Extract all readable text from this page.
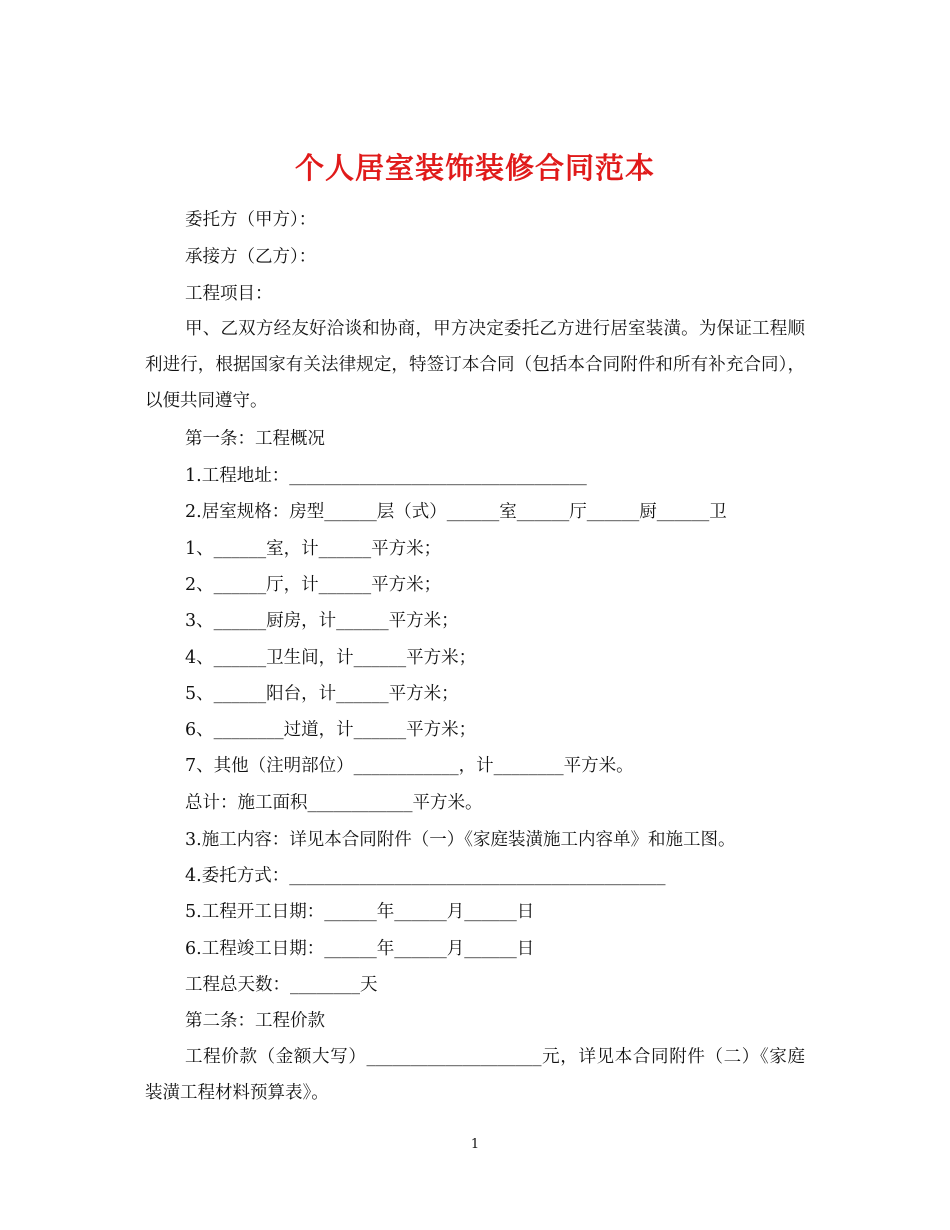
个人居室装饰装修合同范本

委托方（甲方）：

承接方（乙方）：

工程项目：

甲、乙双方经友好洽谈和协商，甲方决定委托乙方进行居室装潢。为保证工程顺利进行，根据国家有关法律规定，特签订本合同（包括本合同附件和所有补充合同），以便共同遵守。

第一条：工程概况

1.工程地址：__________________________________

2.居室规格：房型______层（式）______室______厅______厨______卫

1、______室，计______平方米；

2、______厅，计______平方米；

3、______厨房，计______平方米；

4、______卫生间，计______平方米；

5、______阳台，计______平方米；

6、________过道，计______平方米；

7、其他（注明部位）____________，计________平方米。

总计：施工面积____________平方米。

3.施工内容：详见本合同附件（一）《家庭装潢施工内容单》和施工图。

4.委托方式：___________________________________________

5.工程开工日期：______年______月______日

6.工程竣工日期：______年______月______日

工程总天数：________天

第二条：工程价款

工程价款（金额大写）____________________元，详见本合同附件（二）《家庭装潢工程材料预算表》。

1
